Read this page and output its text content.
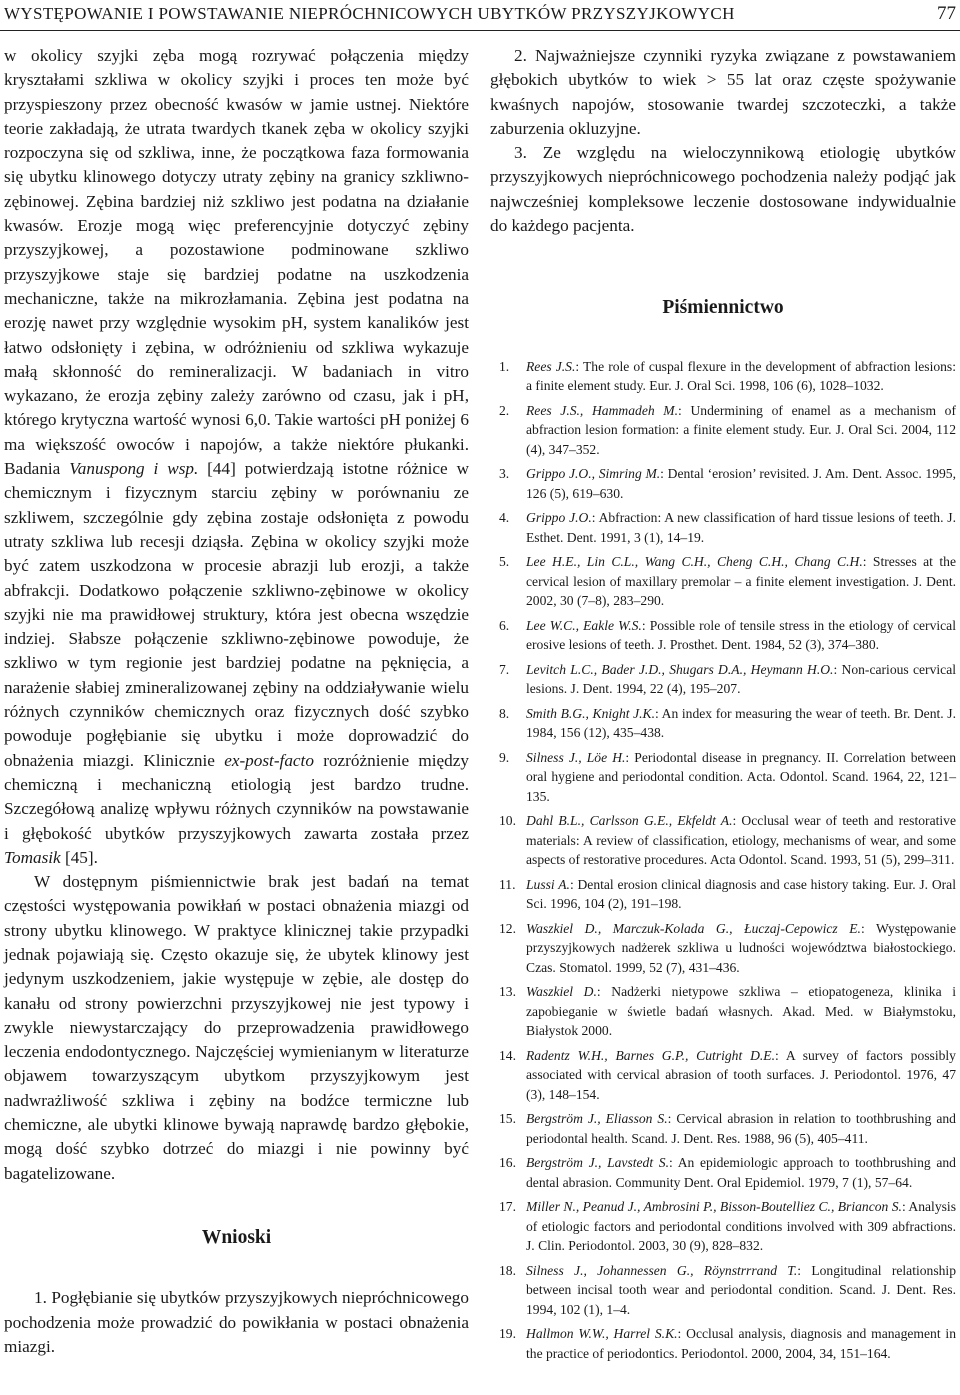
WYSTĘPOWANIE I POWSTAWANIE NIEPRÓCHNICOWYCH UBYTKÓW PRZYSZYJKOWYCH	77

w okolicy szyjki zęba mogą rozrywać połączenia między kryształami szkliwa w okolicy szyjki i proces ten może być przyspieszony przez obecność kwasów w jamie ustnej. Niektóre teorie zakładają, że utrata twardych tkanek zęba w okolicy szyjki rozpoczyna się od szkliwa, inne, że początkowa faza formowania się ubytku klinowego dotyczy utraty zębiny na granicy szkliwno-zębinowej. Zębina bardziej niż szkliwo jest podatna na działanie kwasów. Erozje mogą więc preferencyjnie dotyczyć zębiny przyszyjkowej, a pozostawione podminowane szkliwo przyszyjkowe staje się bardziej podatne na uszkodzenia mechaniczne, także na mikrozłamania. Zębina jest podatna na erozję nawet przy względnie wysokim pH, system kanalików jest łatwo odsłonięty i zębina, w odróżnieniu od szkliwa wykazuje małą skłonność do remineralizacji. W badaniach in vitro wykazano, że erozja zębiny zależy zarówno od czasu, jak i pH, którego krytyczna wartość wynosi 6,0. Takie wartości pH poniżej 6 ma większość owoców i napojów, a także niektóre płukanki. Badania Vanuspong i wsp. [44] potwierdzają istotne różnice w chemicznym i fizycznym starciu zębiny w porównaniu ze szkliwem, szczególnie gdy zębina zostaje odsłonięta z powodu utraty szkliwa lub recesji dziąsła. Zębina w okolicy szyjki może być zatem uszkodzona w procesie abrazji lub erozji, a także abfrakcji. Dodatkowo połączenie szkliwno-zębinowe w okolicy szyjki nie ma prawidłowej struktury, która jest obecna wszędzie indziej. Słabsze połączenie szkliwno-zębinowe powoduje, że szkliwo w tym regionie jest bardziej podatne na pęknięcia, a narażenie słabiej zmineralizowanej zębiny na oddziaływanie wielu różnych czynników chemicznych oraz fizycznych dość szybko powoduje pogłębianie się ubytku i może doprowadzić do obnażenia miazgi. Klinicznie ex-post-facto rozróżnienie między chemiczną i mechaniczną etiologią jest bardzo trudne. Szczegółową analizę wpływu różnych czynników na powstawanie i głębokość ubytków przyszyjkowych zawarta została przez Tomasik [45].

W dostępnym piśmiennictwie brak jest badań na temat częstości występowania powikłań w postaci obnażenia miazgi od strony ubytku klinowego. W praktyce klinicznej takie przypadki jednak pojawiają się. Często okazuje się, że ubytek klinowy jest jedynym uszkodzeniem, jakie występuje w zębie, ale dostęp do kanału od strony powierzchni przyszyjkowej nie jest typowy i zwykle niewystarczający do przeprowadzenia prawidłowego leczenia endodontycznego. Najczęściej wymienianym w literaturze objawem towarzyszącym ubytkom przyszyjkowym jest nadwrażliwość szkliwa i zębiny na bodźce termiczne lub chemiczne, ale ubytki klinowe bywają naprawdę bardzo głębokie, mogą dość szybko dotrzeć do miazgi i nie powinny być bagatelizowane.

Wnioski

1. Pogłębianie się ubytków przyszyjkowych niepróchnicowego pochodzenia może prowadzić do powikłania w postaci obnażenia miazgi.

2. Najważniejsze czynniki ryzyka związane z powstawaniem głębokich ubytków to wiek > 55 lat oraz częste spożywanie kwaśnych napojów, stosowanie twardej szczoteczki, a także zaburzenia okluzyjne.

3. Ze względu na wieloczynnikową etiologię ubytków przyszyjkowych niepróchnicowego pochodzenia należy podjąć jak najwcześniej kompleksowe leczenie dostosowane indywidualnie do każdego pacjenta.

Piśmiennictwo
1. Rees J.S.: The role of cuspal flexure in the development of abfraction lesions: a finite element study. Eur. J. Oral Sci. 1998, 106 (6), 1028–1032.
2. Rees J.S., Hammadeh M.: Undermining of enamel as a mechanism of abfraction lesion formation: a finite element study. Eur. J. Oral Sci. 2004, 112 (4), 347–352.
3. Grippo J.O., Simring M.: Dental ‘erosion’ revisited. J. Am. Dent. Assoc. 1995, 126 (5), 619–630.
4. Grippo J.O.: Abfraction: A new classification of hard tissue lesions of teeth. J. Esthet. Dent. 1991, 3 (1), 14–19.
5. Lee H.E., Lin C.L., Wang C.H., Cheng C.H., Chang C.H.: Stresses at the cervical lesion of maxillary premolar – a finite element investigation. J. Dent. 2002, 30 (7–8), 283–290.
6. Lee W.C., Eakle W.S.: Possible role of tensile stress in the etiology of cervical erosive lesions of teeth. J. Prosthet. Dent. 1984, 52 (3), 374–380.
7. Levitch L.C., Bader J.D., Shugars D.A., Heymann H.O.: Non-carious cervical lesions. J. Dent. 1994, 22 (4), 195–207.
8. Smith B.G., Knight J.K.: An index for measuring the wear of teeth. Br. Dent. J. 1984, 156 (12), 435–438.
9. Silness J., Löe H.: Periodontal disease in pregnancy. II. Correlation between oral hygiene and periodontal condition. Acta. Odontol. Scand. 1964, 22, 121–135.
10. Dahl B.L., Carlsson G.E., Ekfeldt A.: Occlusal wear of teeth and restorative materials: A review of classification, etiology, mechanisms of wear, and some aspects of restorative procedures. Acta Odontol. Scand. 1993, 51 (5), 299–311.
11. Lussi A.: Dental erosion clinical diagnosis and case history taking. Eur. J. Oral Sci. 1996, 104 (2), 191–198.
12. Waszkiel D., Marczuk-Kolada G., Łuczaj-Cepowicz E.: Występowanie przyszyjkowych nadżerek szkliwa u ludności województwa białostockiego. Czas. Stomatol. 1999, 52 (7), 431–436.
13. Waszkiel D.: Nadżerki nietypowe szkliwa – etiopatogeneza, klinika i zapobieganie w świetle badań własnych. Akad. Med. w Białymstoku, Białystok 2000.
14. Radentz W.H., Barnes G.P., Cutright D.E.: A survey of factors possibly associated with cervical abrasion of tooth surfaces. J. Periodontol. 1976, 47 (3), 148–154.
15. Bergström J., Eliasson S.: Cervical abrasion in relation to toothbrushing and periodontal health. Scand. J. Dent. Res. 1988, 96 (5), 405–411.
16. Bergström J., Lavstedt S.: An epidemiologic approach to toothbrushing and dental abrasion. Community Dent. Oral Epidemiol. 1979, 7 (1), 57–64.
17. Miller N., Peanud J., Ambrosini P., Bisson-Boutelliez C., Briancon S.: Analysis of etiologic factors and periodontal conditions involved with 309 abfractions. J. Clin. Periodontol. 2003, 30 (9), 828–832.
18. Silness J., Johannessen G., Röynstrrrand T.: Longitudinal relationship between incisal tooth wear and periodontal condition. Scand. J. Dent. Res. 1994, 102 (1), 1–4.
19. Hallmon W.W., Harrel S.K.: Occlusal analysis, diagnosis and management in the practice of periodontics. Periodontol. 2000, 2004, 34, 151–164.
